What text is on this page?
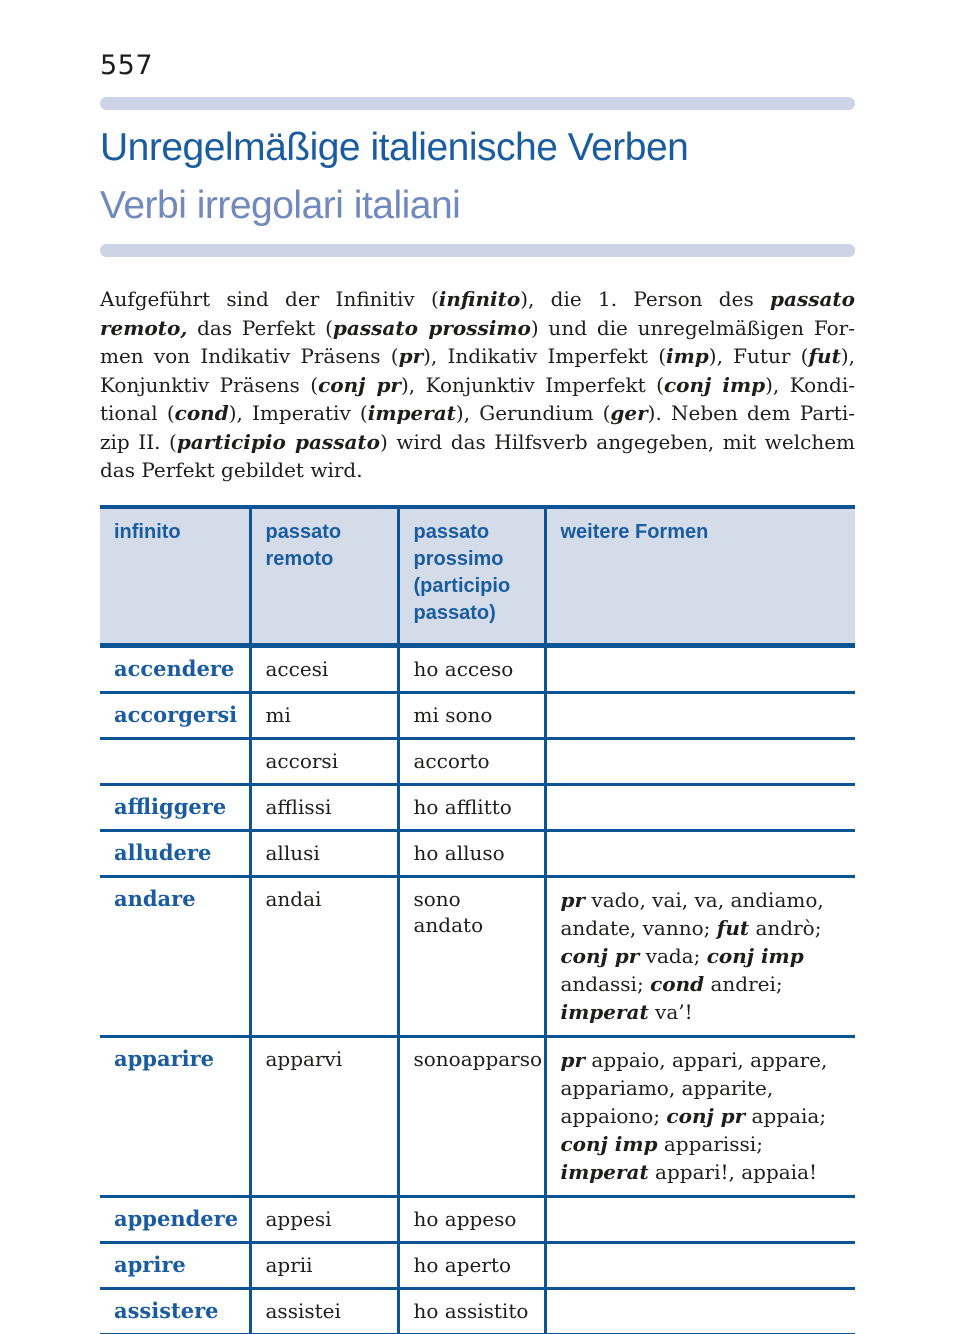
557
Unregelmäßige italienische Verben
Verbi irregolari italiani
Aufgeführt sind der Infinitiv (infinito), die 1. Person des passato
remoto, das Perfekt (passato prossimo) und die unregelmäßigen For-
men von Indikativ Präsens (pr), Indikativ Imperfekt (imp), Futur (fut),
Konjunktiv Präsens (conj pr), Konjunktiv Imperfekt (conj imp), Kondi-
tional (cond), Imperativ (imperat), Gerundium (ger). Neben dem Parti-
zip II. (participio passato) wird das Hilfsverb angegeben, mit welchem
das Perfekt gebildet wird.
infinito	passato remoto	passato prossimo (participio passato)	weitere Formen
accendere	accesi	ho acceso	
accorgersi	mi	mi sono	
	accorsi	accorto	
affliggere	afflissi	ho afflitto	
alludere	allusi	ho alluso	
andare	andai	sono andato	pr vado, vai, va, andiamo, andate, vanno; fut andrò; conj pr vada; conj imp andassi; cond andrei; imperat va’!
apparire	apparvi	sonoapparso	pr appaio, appari, appare, appariamo, apparite, appaiono; conj pr appaia; conj imp apparissi; imperat appari!, appaia!
appendere	appesi	ho appeso	
aprire	aprii	ho aperto	
assistere	assistei	ho assistito	
